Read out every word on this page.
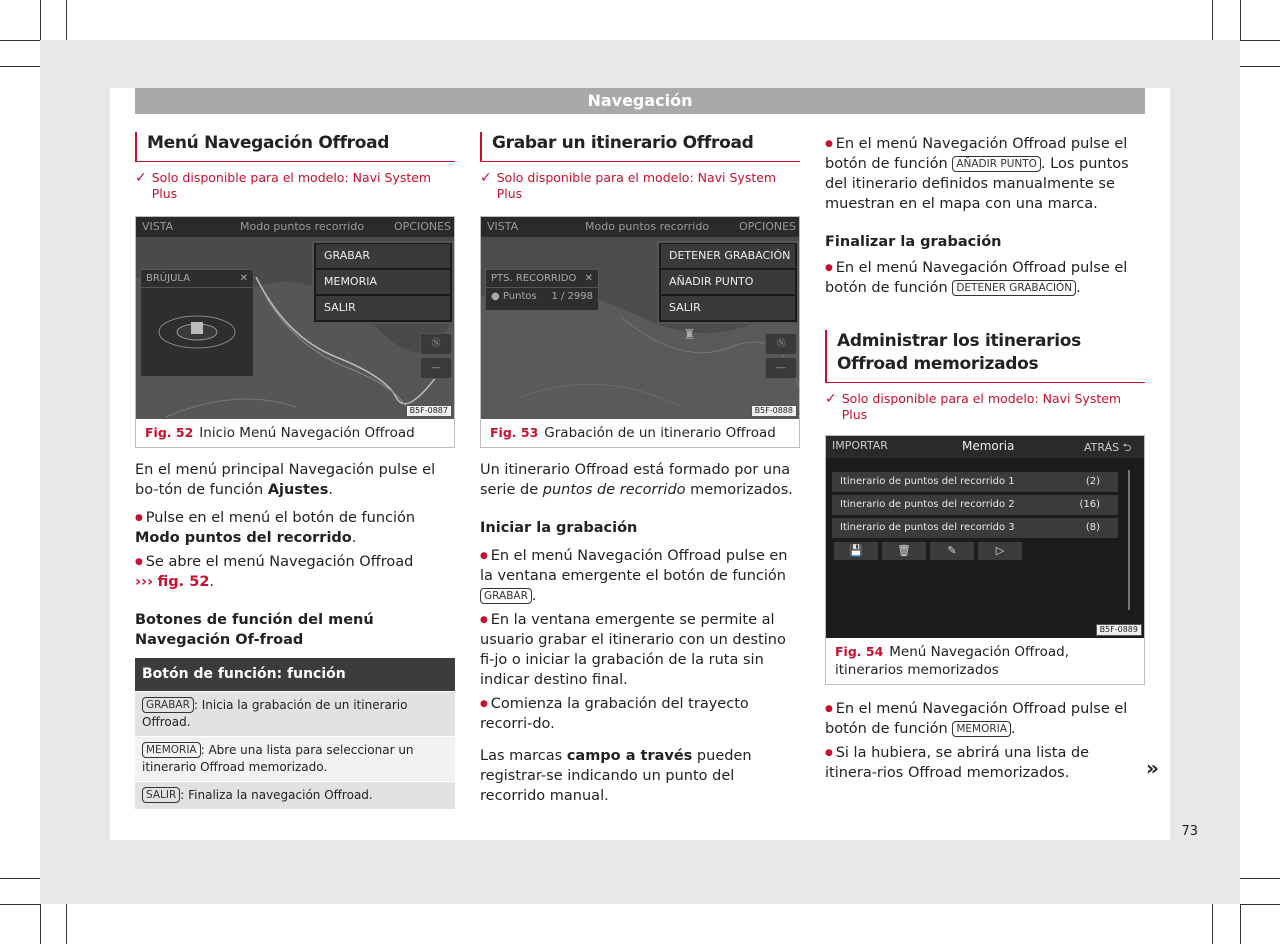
Navegación
Menú Navegación Offroad
✓ Solo disponible para el modelo: Navi System Plus
VISTA	Modo puntos recorrido	OPCIONES
BRÚJULA	✕
GRABAR
MEMORIA
SALIR
Ⓝ
―
B5F-0887
Fig. 52 Inicio Menú Navegación Offroad

En el menú principal Navegación pulse el bo-tón de función Ajustes.

● Pulse en el menú el botón de función Modo puntos del recorrido.
● Se abre el menú Navegación Offroad
››› fig. 52.
Botones de función del menú Navegación Of-froad
Botón de función: función
GRABAR : Inicia la grabación de un itinerario Offroad.
MEMORIA : Abre una lista para seleccionar un itinerario Offroad memorizado.
SALIR : Finaliza la navegación Offroad.
Grabar un itinerario Offroad
✓ Solo disponible para el modelo: Navi System Plus
VISTA	Modo puntos recorrido	OPCIONES
PTS. RECORRIDO ✕
● Puntos 1 / 2998
DETENER GRABACIÓN
AÑADIR PUNTO
SALIR
♜
Ⓝ
―
B5F-0888
Fig. 53 Grabación de un itinerario Offroad

Un itinerario Offroad está formado por una serie de puntos de recorrido memorizados.

Iniciar la grabación
● En el menú Navegación Offroad pulse en la ventana emergente el botón de función GRABAR .
● En la ventana emergente se permite al usuario grabar el itinerario con un destino fi-jo o iniciar la grabación de la ruta sin indicar destino final.
● Comienza la grabación del trayecto recorri-do.

Las marcas campo a través pueden registrar-se indicando un punto del recorrido manual.

● En el menú Navegación Offroad pulse el botón de función AÑADIR PUNTO . Los puntos del itinerario definidos manualmente se muestran en el mapa con una marca.
Finalizar la grabación
● En el menú Navegación Offroad pulse el botón de función DETENER GRABACIÓN .
Administrar los itinerarios Offroad memorizados
✓ Solo disponible para el modelo: Navi System Plus
IMPORTAR	Memoria	ATRÁS ⮌
Itinerario de puntos del recorrido 1	(2)
Itinerario de puntos del recorrido 2	(16)
Itinerario de puntos del recorrido 3	(8)
💾	🗑	✎	▷
B5F-0889
Fig. 54 Menú Navegación Offroad, itinerarios memorizados
● En el menú Navegación Offroad pulse el botón de función MEMORIA .
● Si la hubiera, se abrirá una lista de itinera-rios Offroad memorizados.	»
73
